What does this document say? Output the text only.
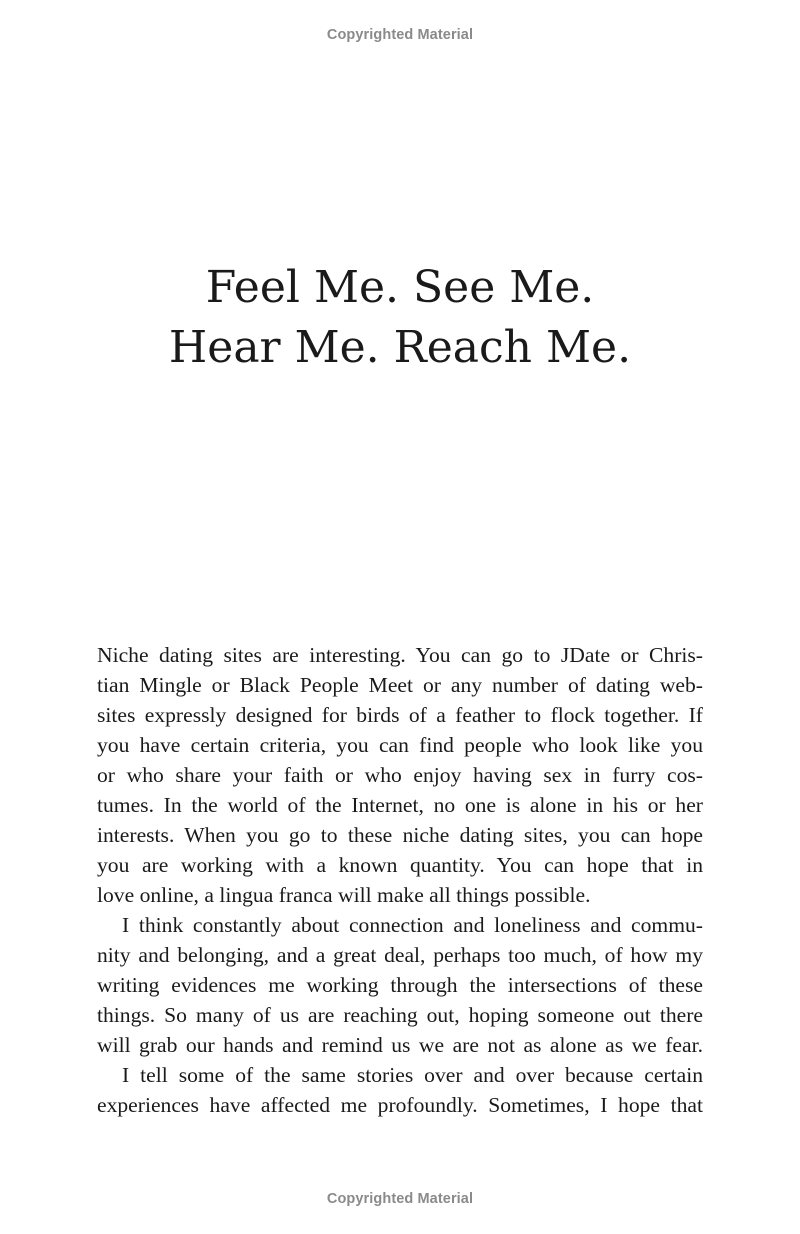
Copyrighted Material
Feel Me. See Me.
Hear Me. Reach Me.
Niche dating sites are interesting. You can go to JDate or Chris-
tian Mingle or Black People Meet or any number of dating web-
sites expressly designed for birds of a feather to flock together. If
you have certain criteria, you can find people who look like you
or who share your faith or who enjoy having sex in furry cos-
tumes. In the world of the Internet, no one is alone in his or her
interests. When you go to these niche dating sites, you can hope
you are working with a known quantity. You can hope that in
love online, a lingua franca will make all things possible.
I think constantly about connection and loneliness and commu-
nity and belonging, and a great deal, perhaps too much, of how my
writing evidences me working through the intersections of these
things. So many of us are reaching out, hoping someone out there
will grab our hands and remind us we are not as alone as we fear.
I tell some of the same stories over and over because certain
experiences have affected me profoundly. Sometimes, I hope that
Copyrighted Material
